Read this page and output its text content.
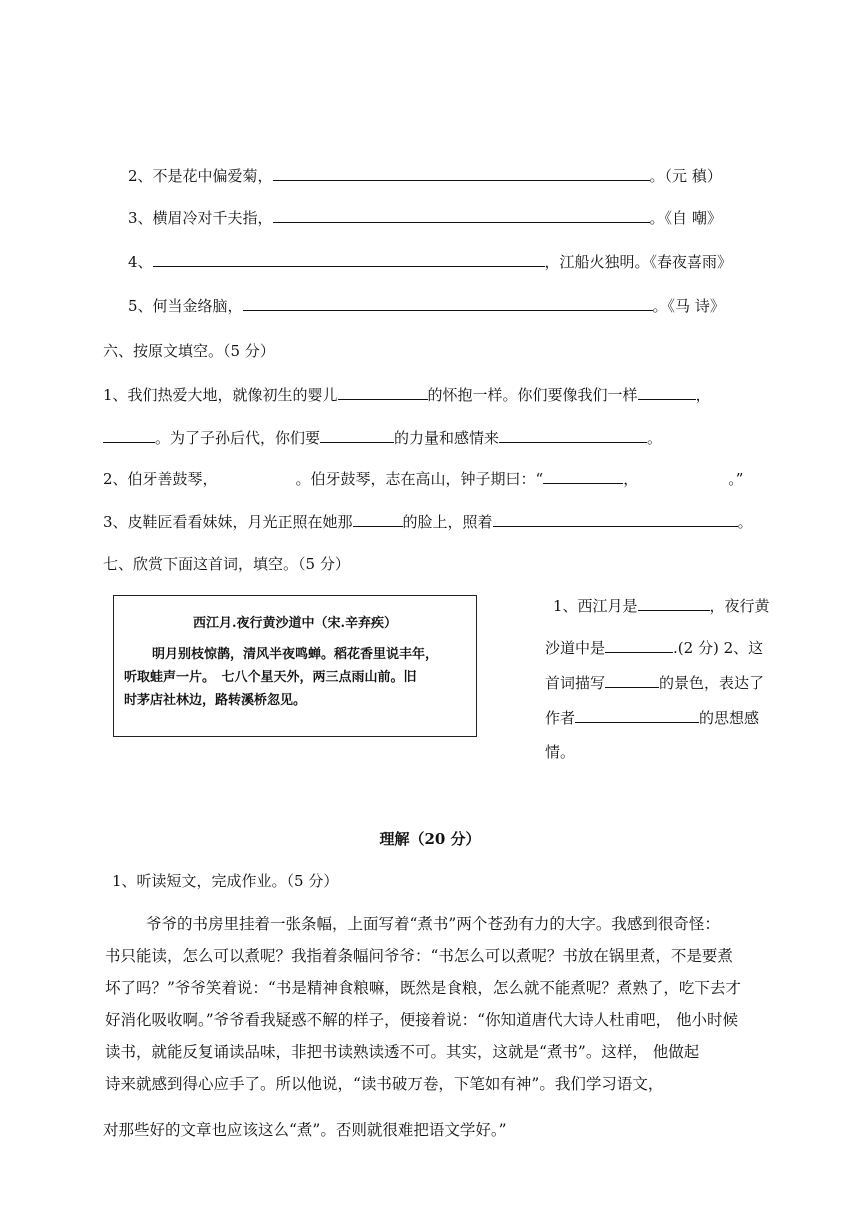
2、不是花中偏爱菊，	。（元 稹）
3、横眉冷对千夫指，	。《自 嘲》
4、	，江船火独明。《春夜喜雨》
5、何当金络脑，	。《马 诗》
六、按原文填空。（5 分）
1、我们热爱大地，就像初生的婴儿	的怀抱一样。你们要像我们一样	，
。为了子孙后代，你们要	的力量和感情来	。
2、伯牙善鼓琴，	。伯牙鼓琴，志在高山，钟子期曰：“	，	。”
3、皮鞋匠看看妹妹，月光正照在她那	的脸上，照着	。
七、欣赏下面这首词，填空。（5 分）
西江月.夜行黄沙道中（宋.辛弃疾）
明月别枝惊鹊，清风半夜鸣蝉。稻花香里说丰年，
听取蛙声一片。　七八个星天外，两三点雨山前。旧
时茅店社林边，路转溪桥忽见。
1、西江月是	，夜行黄
沙道中是	.(2 分) 2、这
首词描写	的景色，表达了
作者	的思想感
情。
理解（20 分）
1、听读短文，完成作业。（5 分）
爷爷的书房里挂着一张条幅，上面写着“煮书”两个苍劲有力的大字。我感到很奇怪：
书只能读，怎么可以煮呢？我指着条幅问爷爷：“书怎么可以煮呢？书放在锅里煮，不是要煮
坏了吗？”爷爷笑着说：“书是精神食粮嘛，既然是食粮，怎么就不能煮呢？煮熟了，吃下去才
好消化吸收啊。”爷爷看我疑惑不解的样子，便接着说：“你知道唐代大诗人杜甫吧， 他小时候
读书，就能反复诵读品味，非把书读熟读透不可。其实，这就是“煮书”。这样， 他做起
诗来就感到得心应手了。所以他说，“读书破万卷，下笔如有神”。我们学习语文，
对那些好的文章也应该这么“煮”。否则就很难把语文学好。”
